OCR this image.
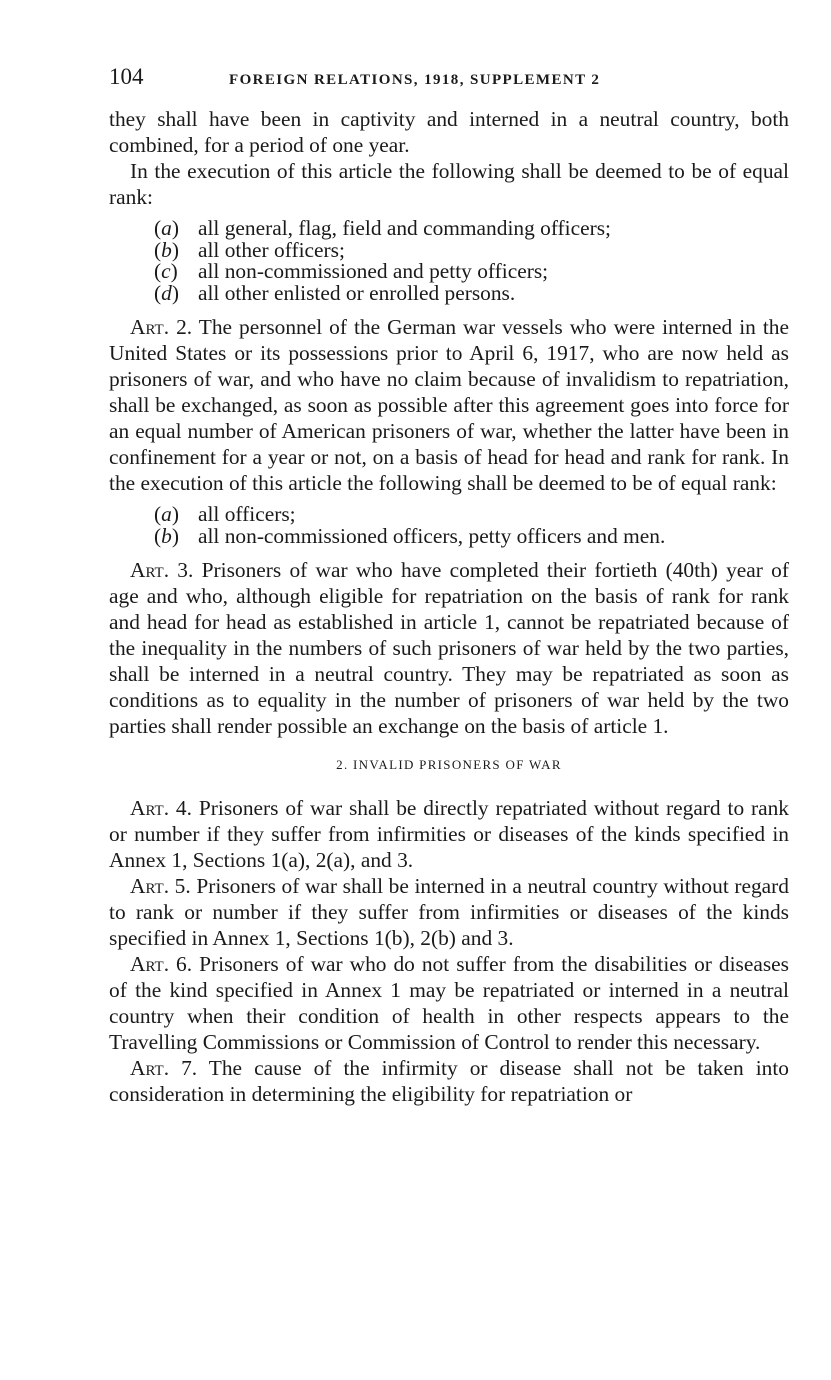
104	FOREIGN RELATIONS, 1918, SUPPLEMENT 2

they shall have been in captivity and interned in a neutral country, both combined, for a period of one year.

In the execution of this article the following shall be deemed to be of equal rank:

(a) all general, flag, field and commanding officers;
(b) all other officers;
(c) all non-commissioned and petty officers;
(d) all other enlisted or enrolled persons.

Art. 2. The personnel of the German war vessels who were interned in the United States or its possessions prior to April 6, 1917, who are now held as prisoners of war, and who have no claim because of invalidism to repatriation, shall be exchanged, as soon as possible after this agreement goes into force for an equal number of American prisoners of war, whether the latter have been in confinement for a year or not, on a basis of head for head and rank for rank. In the execution of this article the following shall be deemed to be of equal rank:

(a) all officers;
(b) all non-commissioned officers, petty officers and men.

Art. 3. Prisoners of war who have completed their fortieth (40th) year of age and who, although eligible for repatriation on the basis of rank for rank and head for head as established in article 1, cannot be repatriated because of the inequality in the numbers of such prisoners of war held by the two parties, shall be interned in a neutral country. They may be repatriated as soon as conditions as to equality in the number of prisoners of war held by the two parties shall render possible an exchange on the basis of article 1.

2. INVALID PRISONERS OF WAR

Art. 4. Prisoners of war shall be directly repatriated without regard to rank or number if they suffer from infirmities or diseases of the kinds specified in Annex 1, Sections 1(a), 2(a), and 3.

Art. 5. Prisoners of war shall be interned in a neutral country without regard to rank or number if they suffer from infirmities or diseases of the kinds specified in Annex 1, Sections 1(b), 2(b) and 3.

Art. 6. Prisoners of war who do not suffer from the disabilities or diseases of the kind specified in Annex 1 may be repatriated or interned in a neutral country when their condition of health in other respects appears to the Travelling Commissions or Commission of Control to render this necessary.

Art. 7. The cause of the infirmity or disease shall not be taken into consideration in determining the eligibility for repatriation or
